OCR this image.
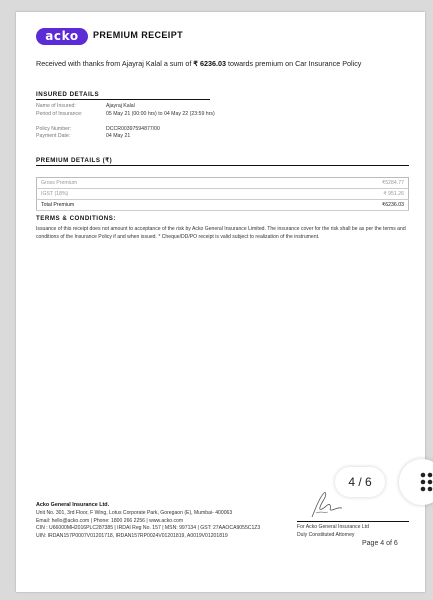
acko	PREMIUM RECEIPT
Received with thanks from Ajayraj Kalal a sum of ₹ 6236.03 towards premium on Car Insurance Policy
INSURED DETAILS
Name of Insured:	Ajayraj Kalal
Period of Insurance:	05 May 21 (00:00 hrs) to 04 May 22 (23:59 hrs)
Policy Number:	DCCR00397594877/00
Payment Date:	04 May 21
PREMIUM DETAILS (₹)
Gross Premium	₹5284.77
IGST (18%)	₹ 951.26
Total Premium	₹6236.03
TERMS & CONDITIONS:
Issuance of this receipt does not amount to acceptance of the risk by Acko General Insurance Limited. The insurance cover for the risk shall be as per the terms and conditions of the Insurance Policy if and when issued. * Cheque/DD/PO receipt is valid subject to realization of the instrument.
Acko General Insurance Ltd.
Unit No. 301, 3rd Floor, F Wing, Lotus Corporate Park, Goregaon (E), Mumbai- 400063
Email: hello@acko.com | Phone: 1800 266 2256 | www.acko.com
CIN : U66000MH2016PLC287385 | IRDAI Reg No. 157 | MSN: 997134 | GST: 27AAOCA9055C1Z3
UIN: IRDAN157P0007V01201718, IRDAN157RP0024V01201819, A0019V01201819
For Acko General Insurance Ltd
Duly Constituted Attorney
Page 4 of 6
4 / 6
